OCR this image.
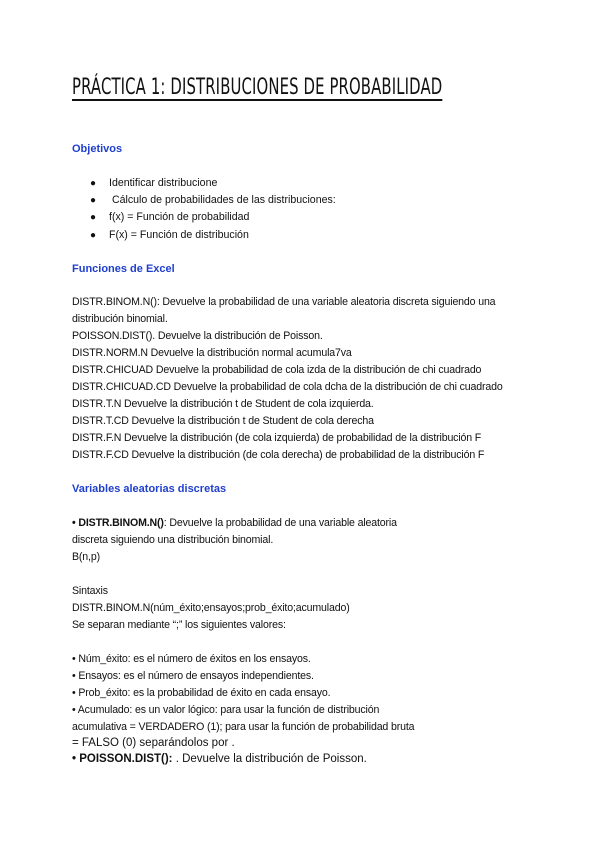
PRÁCTICA 1: DISTRIBUCIONES DE PROBABILIDAD
Objetivos
● Identificar distribucione
● Cálculo de probabilidades de las distribuciones:
● f(x) = Función de probabilidad
● F(x) = Función de distribución
Funciones de Excel
DISTR.BINOM.N(): Devuelve la probabilidad de una variable aleatoria discreta siguiendo una
distribución binomial.
POISSON.DIST(). Devuelve la distribución de Poisson.
DISTR.NORM.N Devuelve la distribución normal acumula7va
DISTR.CHICUAD Devuelve la probabilidad de cola izda de la distribución de chi cuadrado
DISTR.CHICUAD.CD Devuelve la probabilidad de cola dcha de la distribución de chi cuadrado
DISTR.T.N Devuelve la distribución t de Student de cola izquierda.
DISTR.T.CD Devuelve la distribución t de Student de cola derecha
DISTR.F.N Devuelve la distribución (de cola izquierda) de probabilidad de la distribución F
DISTR.F.CD Devuelve la distribución (de cola derecha) de probabilidad de la distribución F
Variables aleatorias discretas
• DISTR.BINOM.N(): Devuelve la probabilidad de una variable aleatoria
discreta siguiendo una distribución binomial.
B(n,p)
Sintaxis
DISTR.BINOM.N(núm_éxito;ensayos;prob_éxito;acumulado)
Se separan mediante “;” los siguientes valores:
• Núm_éxito: es el número de éxitos en los ensayos.
• Ensayos: es el número de ensayos independientes.
• Prob_éxito: es la probabilidad de éxito en cada ensayo.
• Acumulado: es un valor lógico: para usar la función de distribución
acumulativa = VERDADERO (1); para usar la función de probabilidad bruta
= FALSO (0) separándolos por .
• POISSON.DIST(): . Devuelve la distribución de Poisson.
